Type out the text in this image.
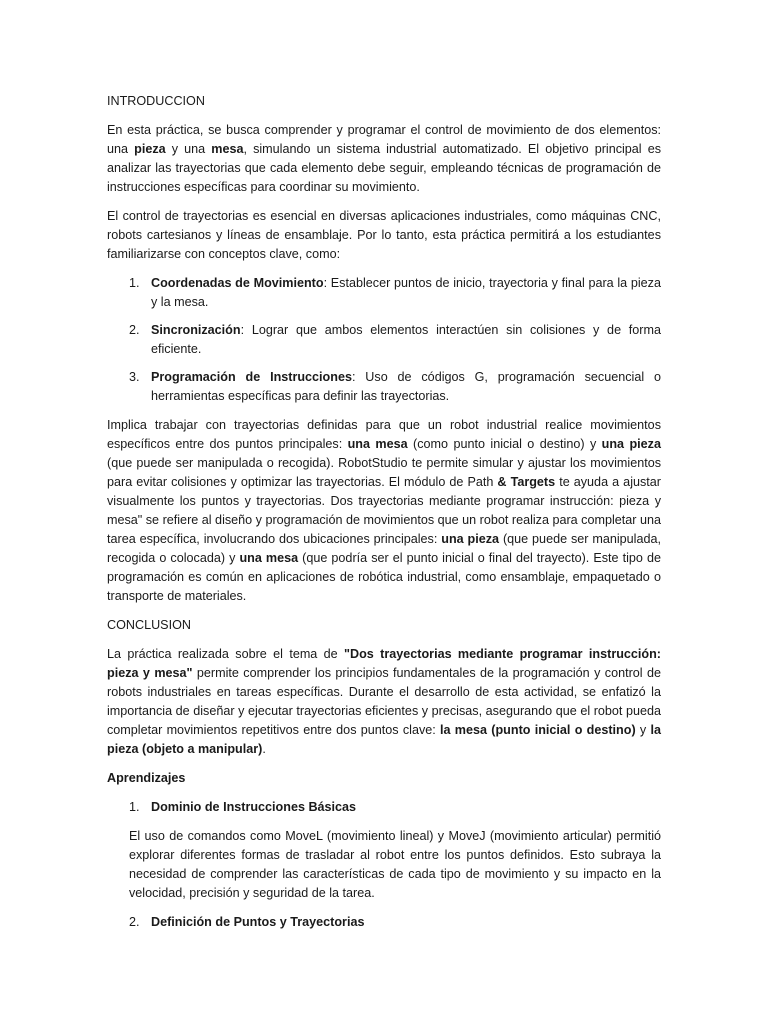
INTRODUCCION

En esta práctica, se busca comprender y programar el control de movimiento de dos elementos: una pieza y una mesa, simulando un sistema industrial automatizado. El objetivo principal es analizar las trayectorias que cada elemento debe seguir, empleando técnicas de programación de instrucciones específicas para coordinar su movimiento.

El control de trayectorias es esencial en diversas aplicaciones industriales, como máquinas CNC, robots cartesianos y líneas de ensamblaje. Por lo tanto, esta práctica permitirá a los estudiantes familiarizarse con conceptos clave, como:

1. Coordenadas de Movimiento: Establecer puntos de inicio, trayectoria y final para la pieza y la mesa.
2. Sincronización: Lograr que ambos elementos interactúen sin colisiones y de forma eficiente.
3. Programación de Instrucciones: Uso de códigos G, programación secuencial o herramientas específicas para definir las trayectorias.

Implica trabajar con trayectorias definidas para que un robot industrial realice movimientos específicos entre dos puntos principales: una mesa (como punto inicial o destino) y una pieza (que puede ser manipulada o recogida). RobotStudio te permite simular y ajustar los movimientos para evitar colisiones y optimizar las trayectorias. El módulo de Path & Targets te ayuda a ajustar visualmente los puntos y trayectorias. Dos trayectorias mediante programar instrucción: pieza y mesa" se refiere al diseño y programación de movimientos que un robot realiza para completar una tarea específica, involucrando dos ubicaciones principales: una pieza (que puede ser manipulada, recogida o colocada) y una mesa (que podría ser el punto inicial o final del trayecto). Este tipo de programación es común en aplicaciones de robótica industrial, como ensamblaje, empaquetado o transporte de materiales.

CONCLUSION

La práctica realizada sobre el tema de "Dos trayectorias mediante programar instrucción: pieza y mesa" permite comprender los principios fundamentales de la programación y control de robots industriales en tareas específicas. Durante el desarrollo de esta actividad, se enfatizó la importancia de diseñar y ejecutar trayectorias eficientes y precisas, asegurando que el robot pueda completar movimientos repetitivos entre dos puntos clave: la mesa (punto inicial o destino) y la pieza (objeto a manipular).

Aprendizajes

1. Dominio de Instrucciones Básicas

El uso de comandos como MoveL (movimiento lineal) y MoveJ (movimiento articular) permitió explorar diferentes formas de trasladar al robot entre los puntos definidos. Esto subraya la necesidad de comprender las características de cada tipo de movimiento y su impacto en la velocidad, precisión y seguridad de la tarea.

2. Definición de Puntos y Trayectorias
